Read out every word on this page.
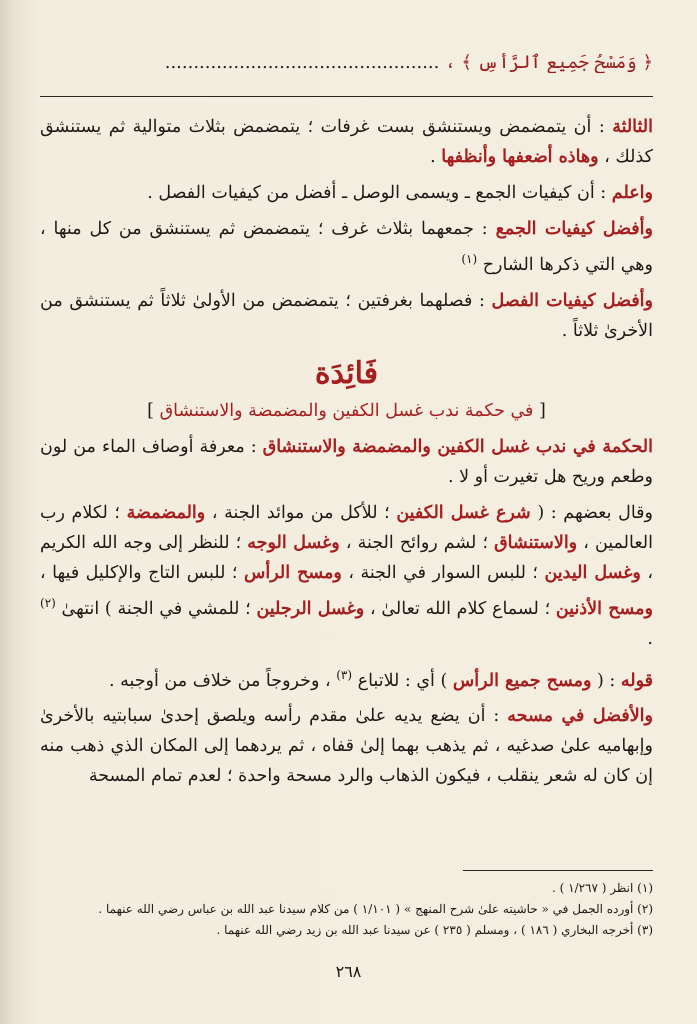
﴿ وَمَسْحُ جَمِيعِ ٱلرَّأْسِ ﴾ ، ................................................

الثالثة : أن يتمضمض ويستنشق بست غرفات ؛ يتمضمض بثلاث متوالية ثم يستنشق كذلك ، وهاذه أضعفها وأنظفها .

واعلم : أن كيفيات الجمع ـ ويسمى الوصل ـ أفضل من كيفيات الفصل .

وأفضل كيفيات الجمع : جمعهما بثلاث غرف ؛ يتمضمض ثم يستنشق من كل منها ، وهي التي ذكرها الشارح $^{(١)}$

وأفضل كيفيات الفصل : فصلهما بغرفتين ؛ يتمضمض من الأولىٰ ثلاثاً ثم يستنشق من الأخرىٰ ثلاثاً .

فَائِدَة
[ في حكمة ندب غسل الكفين والمضمضة والاستنشاق ]

الحكمة في ندب غسل الكفين والمضمضة والاستنشاق : معرفة أوصاف الماء من لون وطعم وريح هل تغيرت أو لا .

وقال بعضهم : ( شرع غسل الكفين ؛ للأكل من موائد الجنة ، والمضمضة ؛ لكلام رب العالمين ، والاستنشاق ؛ لشم روائح الجنة ، وغسل الوجه ؛ للنظر إلى وجه الله الكريم ، وغسل اليدين ؛ للبس السوار في الجنة ، ومسح الرأس ؛ للبس التاج والإكليل فيها ، ومسح الأذنين ؛ لسماع كلام الله تعالىٰ ، وغسل الرجلين ؛ للمشي في الجنة ) انتهىٰ $^{(٢)}$ .

قوله : ( ومسح جميع الرأس ) أي : للاتباع $^{(٣)}$ ، وخروجاً من خلاف من أوجبه .

والأفضل في مسحه : أن يضع يديه علىٰ مقدم رأسه ويلصق إحدىٰ سبابتيه بالأخرىٰ وإبهاميه علىٰ صدغيه ، ثم يذهب بهما إلىٰ قفاه ، ثم يردهما إلى المكان الذي ذهب منه إن كان له شعر ينقلب ، فيكون الذهاب والرد مسحة واحدة ؛ لعدم تمام المسحة

(١) انظر ( ١/٢٦٧ ) .
(٢) أورده الجمل في « حاشيته علىٰ شرح المنهج » ( ١/١٠١ ) من كلام سيدنا عبد الله بن عباس رضي الله عنهما .
(٣) أخرجه البخاري ( ١٨٦ ) ، ومسلم ( ٢٣٥ ) عن سيدنا عبد الله بن زيد رضي الله عنهما .
٢٦٨
